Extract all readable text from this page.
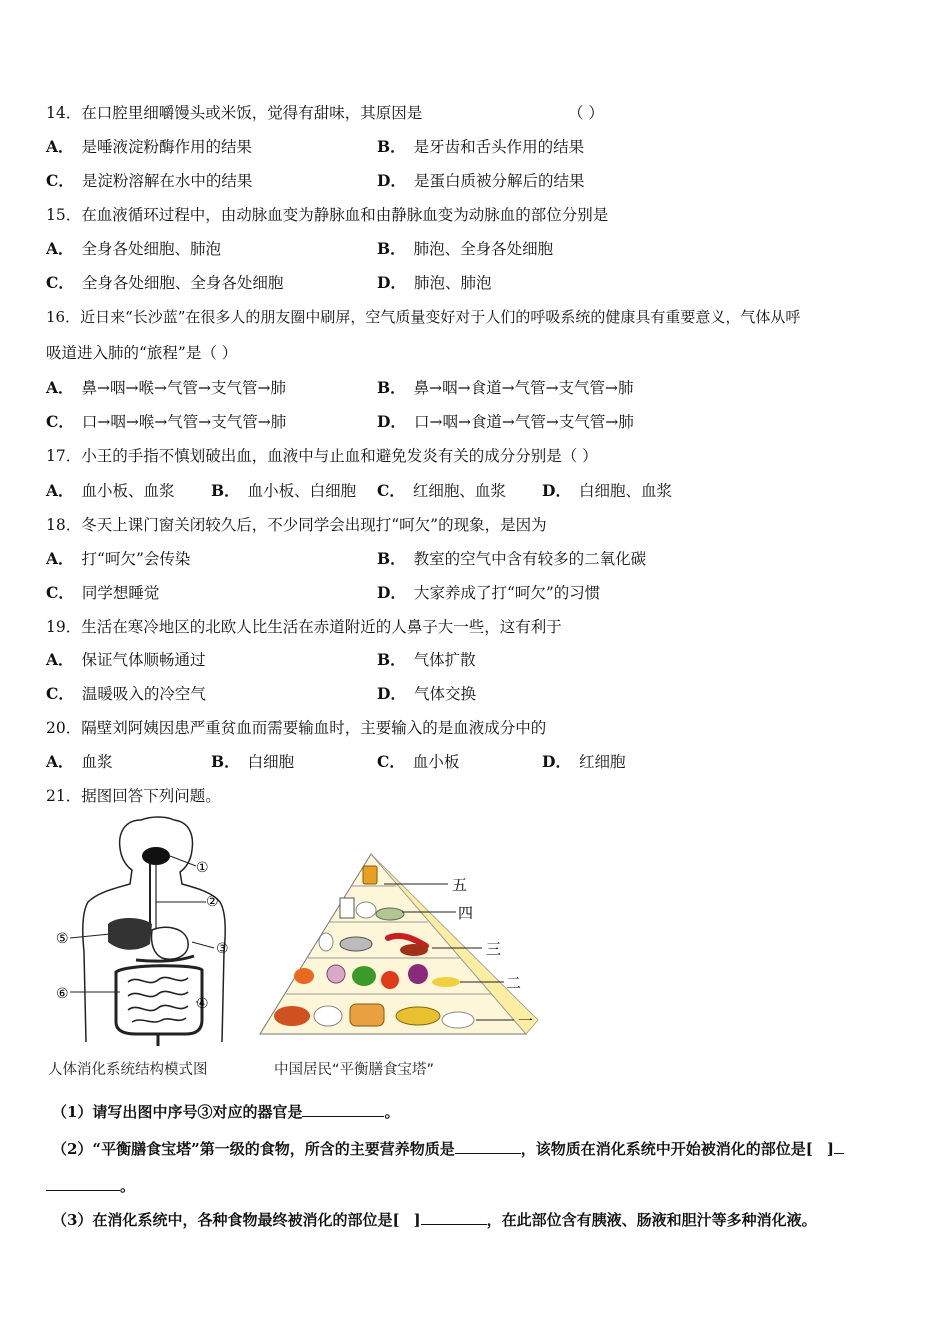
14．在口腔里细嚼馒头或米饭，觉得有甜味，其原因是	（ ）
A． 是唾液淀粉酶作用的结果	B． 是牙齿和舌头作用的结果
C． 是淀粉溶解在水中的结果	D． 是蛋白质被分解后的结果
15．在血液循环过程中，由动脉血变为静脉血和由静脉血变为动脉血的部位分别是
A． 全身各处细胞、肺泡	B． 肺泡、全身各处细胞
C． 全身各处细胞、全身各处细胞	D． 肺泡、肺泡
16．近日来“长沙蓝”在很多人的朋友圈中刷屏，空气质量变好对于人们的呼吸系统的健康具有重要意义，气体从呼
吸道进入肺的“旅程”是（ ）
A． 鼻→咽→喉→气管→支气管→肺	B． 鼻→咽→食道→气管→支气管→肺
C． 口→咽→喉→气管→支气管→肺	D． 口→咽→食道→气管→支气管→肺
17．小王的手指不慎划破出血，血液中与止血和避免发炎有关的成分分别是（ ）
A． 血小板、血浆 B． 血小板、白细胞 C． 红细胞、血浆 D． 白细胞、血浆
18．冬天上课门窗关闭较久后，不少同学会出现打“呵欠”的现象，是因为
A． 打“呵欠”会传染	B． 教室的空气中含有较多的二氧化碳
C． 同学想睡觉	D． 大家养成了打“呵欠”的习惯
19．生活在寒冷地区的北欧人比生活在赤道附近的人鼻子大一些，这有利于
A． 保证气体顺畅通过	B． 气体扩散
C． 温暖吸入的冷空气	D． 气体交换
20．隔壁刘阿姨因患严重贫血而需要输血时，主要输入的是血液成分中的
A． 血浆	B． 白细胞	C． 血小板	D． 红细胞
21．据图回答下列问题。
①
②
③
④
⑤
⑥
人体消化系统结构模式图
五
四
三
二
一
中国居民“平衡膳食宝塔”
（1）请写出图中序号③对应的器官是	。
（2）“平衡膳食宝塔”第一级的食物，所含的主要营养物质是	，该物质在消化系统中开始被消化的部位是[ ]
。
（3）在消化系统中，各种食物最终被消化的部位是[ ]	，在此部位含有胰液、肠液和胆汁等多种消化液。
